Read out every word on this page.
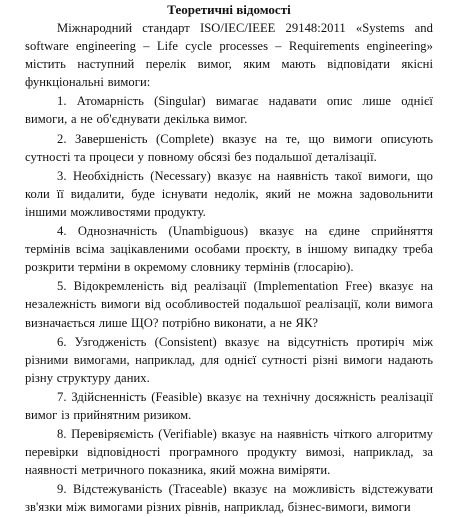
Теоретичні відомості

Міжнародний стандарт ISO/IEC/IEEE 29148:2011 «Systems and software engineering – Life cycle processes – Requirements engineering» містить наступний перелік вимог, яким мають відповідати якісні функціональні вимоги:

1. Атомарність (Singular) вимагає надавати опис лише однієї вимоги, а не об'єднувати декілька вимог.

2. Завершеність (Complete) вказує на те, що вимоги описують сутності та процеси у повному обсязі без подальшої деталізації.

3. Необхідність (Necessary) вказує на наявність такої вимоги, що коли її видалити, буде існувати недолік, який не можна задовольнити іншими можливостями продукту.

4. Однозначність (Unambiguous) вказує на єдине сприйняття термінів всіма зацікавленими особами проєкту, в іншому випадку треба розкрити терміни в окремому словнику термінів (глосарію).

5. Відокремленість від реалізації (Implementation Free) вказує на незалежність вимоги від особливостей подальшої реалізації, коли вимога визначається лише ЩО? потрібно виконати, а не ЯК?

6. Узгодженість (Consistent) вказує на відсутність протиріч між різними вимогами, наприклад, для однієї сутності різні вимоги надають різну структуру даних.

7. Здійсненність (Feasible) вказує на технічну досяжність реалізації вимог із прийнятним ризиком.

8. Перевіряємість (Verifiable) вказує на наявність чіткого алгоритму перевірки відповідності програмного продукту вимозі, наприклад, за наявності метричного показника, який можна виміряти.

9. Відстежуваність (Traceable) вказує на можливість відстежувати зв'язки між вимогами різних рівнів, наприклад, бізнес-вимоги, вимоги
